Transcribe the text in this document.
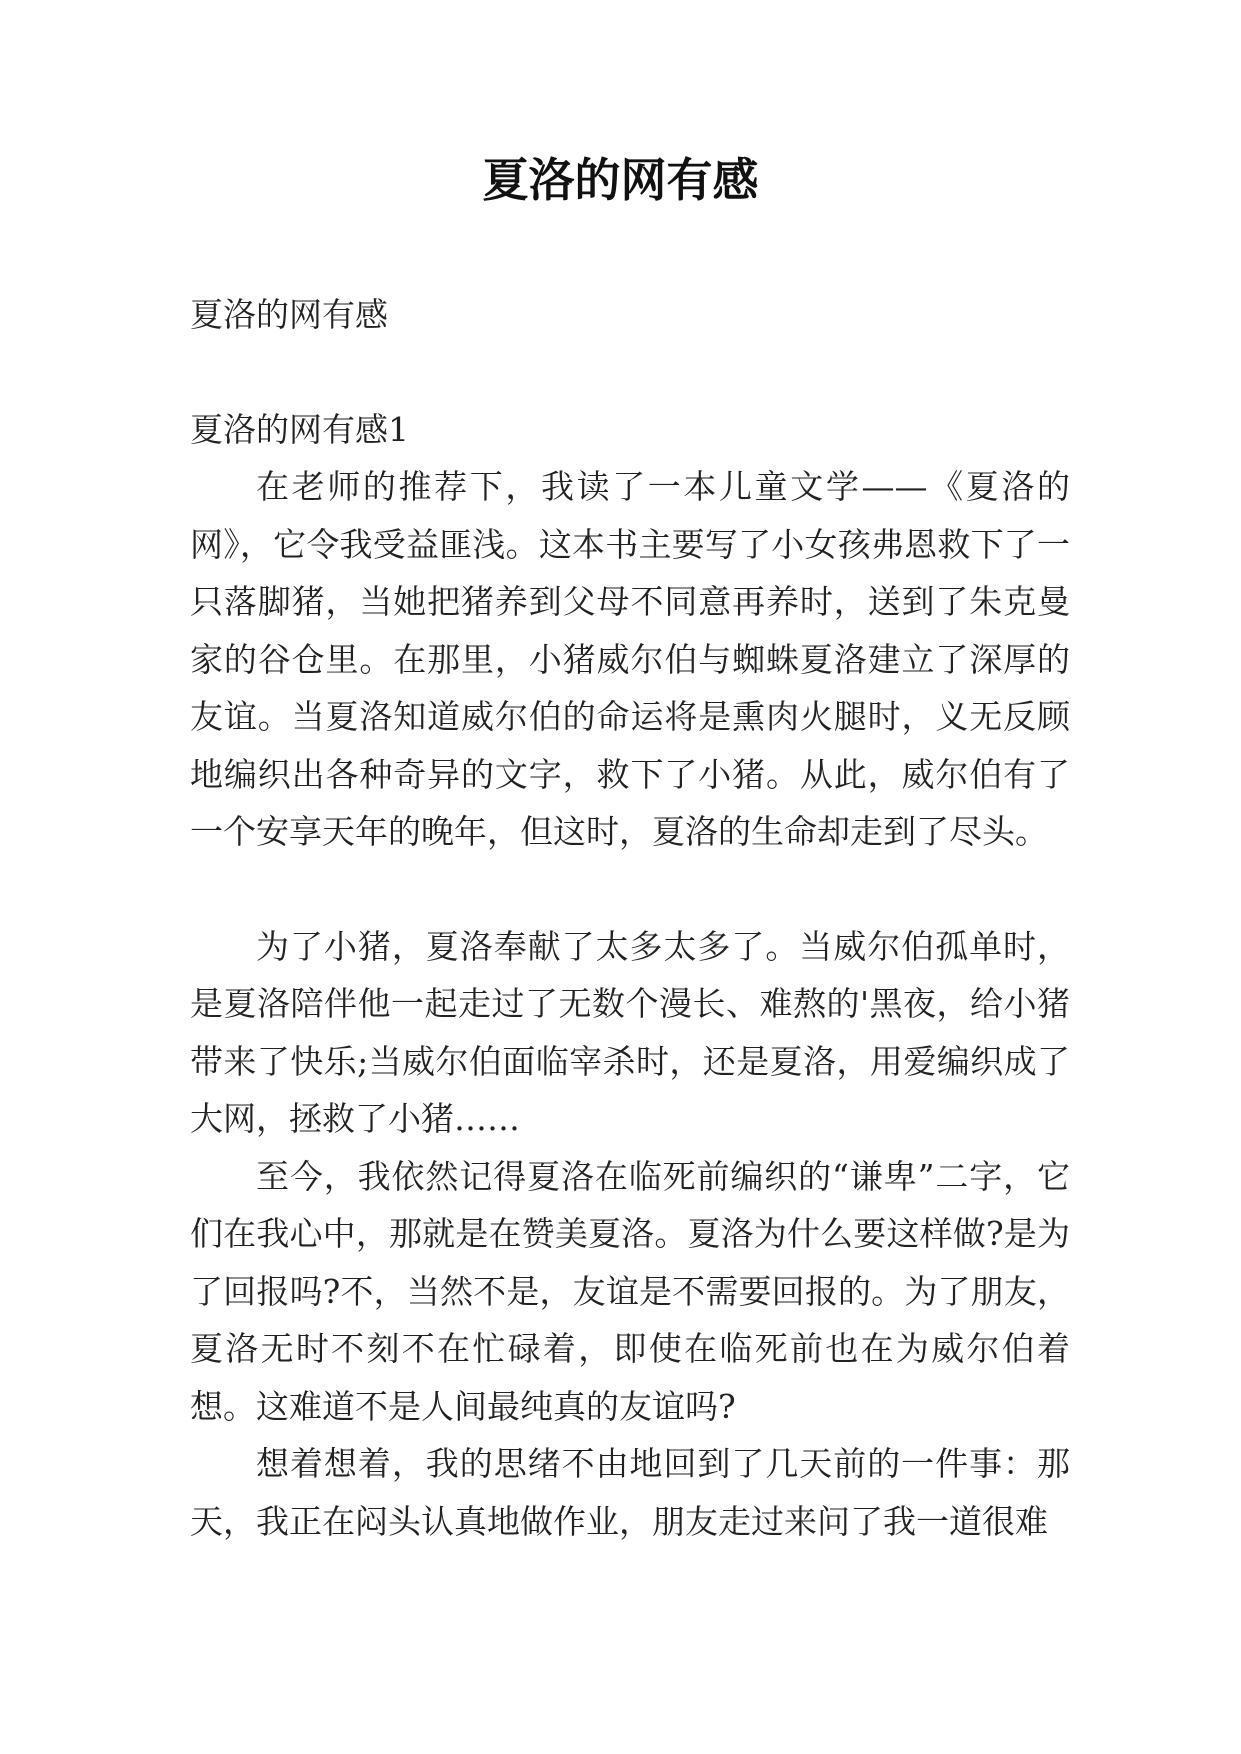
夏洛的网有感

夏洛的网有感

夏洛的网有感1

在老师的推荐下，我读了一本儿童文学——《夏洛的网》，它令我受益匪浅。这本书主要写了小女孩弗恩救下了一只落脚猪，当她把猪养到父母不同意再养时，送到了朱克曼家的谷仓里。在那里，小猪威尔伯与蜘蛛夏洛建立了深厚的友谊。当夏洛知道威尔伯的命运将是熏肉火腿时，义无反顾地编织出各种奇异的文字，救下了小猪。从此，威尔伯有了一个安享天年的晚年，但这时，夏洛的生命却走到了尽头。

为了小猪，夏洛奉献了太多太多了。当威尔伯孤单时，是夏洛陪伴他一起走过了无数个漫长、难熬的'黑夜，给小猪带来了快乐;当威尔伯面临宰杀时，还是夏洛，用爱编织成了大网，拯救了小猪……

至今，我依然记得夏洛在临死前编织的“谦卑”二字，它们在我心中，那就是在赞美夏洛。夏洛为什么要这样做?是为了回报吗?不，当然不是，友谊是不需要回报的。为了朋友，夏洛无时不刻不在忙碌着，即使在临死前也在为威尔伯着想。这难道不是人间最纯真的友谊吗?

想着想着，我的思绪不由地回到了几天前的一件事：那天，我正在闷头认真地做作业，朋友走过来问了我一道很难
